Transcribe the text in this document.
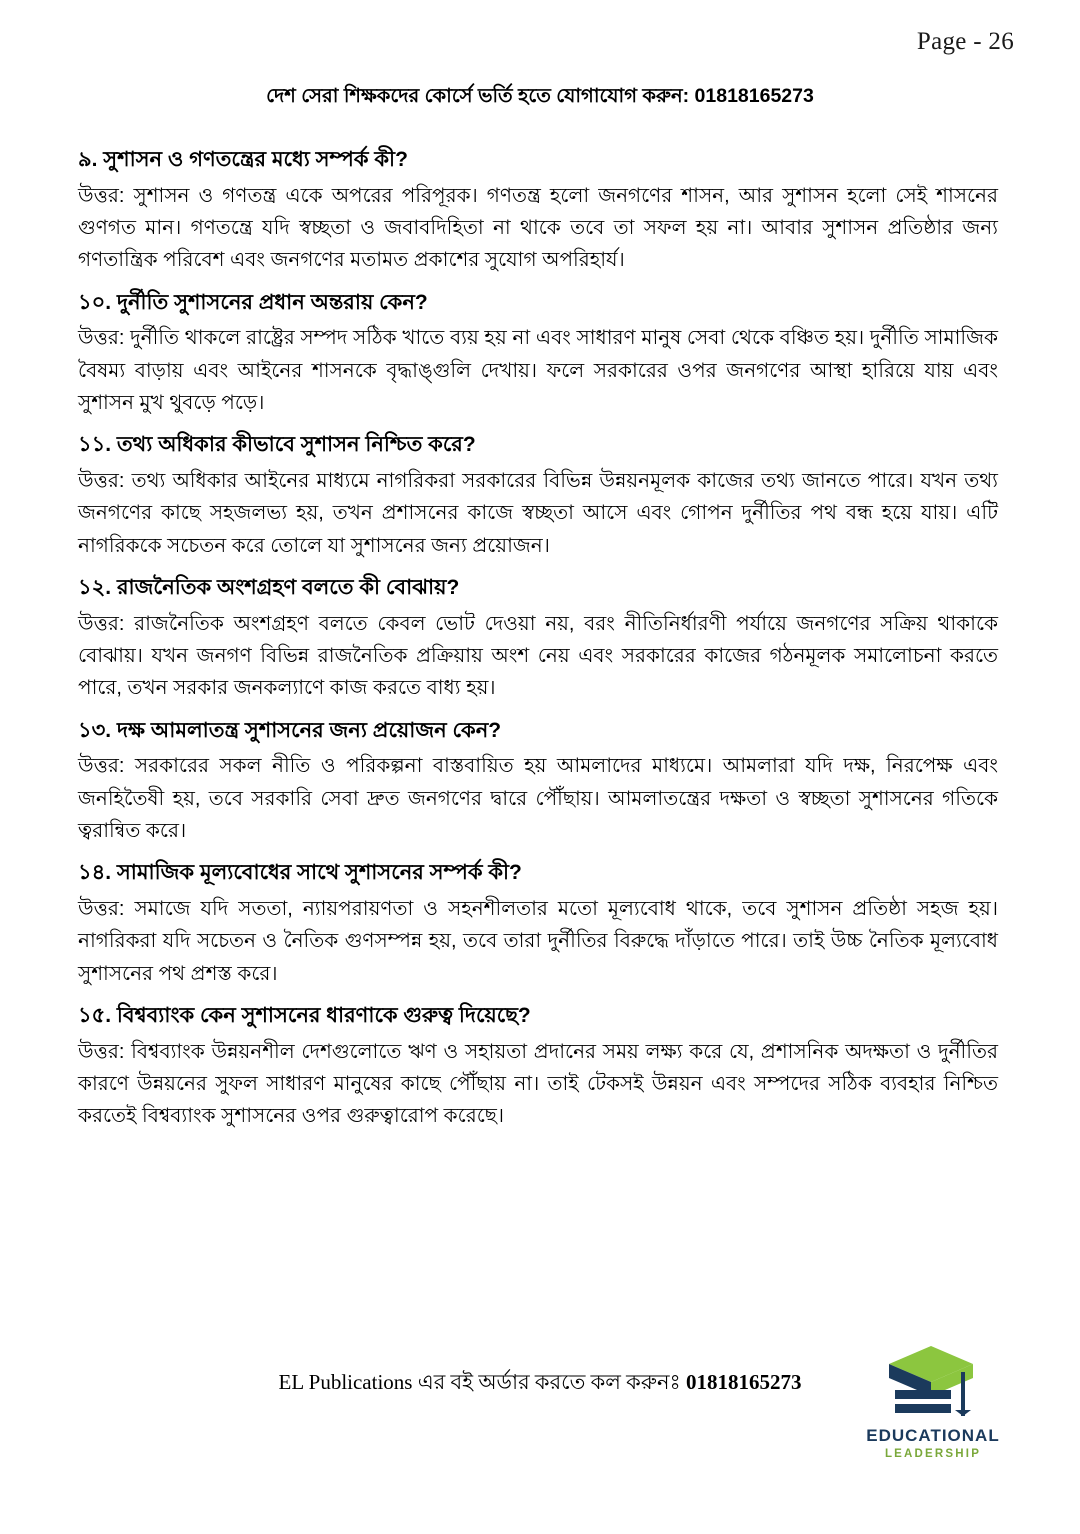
Page - 26
দেশ সেরা শিক্ষকদের কোর্সে ভর্তি হতে যোগাযোগ করুন: 01818165273
৯. সুশাসন ও গণতন্ত্রের মধ্যে সম্পর্ক কী?
উত্তর: সুশাসন ও গণতন্ত্র একে অপরের পরিপূরক। গণতন্ত্র হলো জনগণের শাসন, আর সুশাসন হলো সেই শাসনের গুণগত মান। গণতন্ত্রে যদি স্বচ্ছতা ও জবাবদিহিতা না থাকে তবে তা সফল হয় না। আবার সুশাসন প্রতিষ্ঠার জন্য গণতান্ত্রিক পরিবেশ এবং জনগণের মতামত প্রকাশের সুযোগ অপরিহার্য।
১০. দুর্নীতি সুশাসনের প্রধান অন্তরায় কেন?
উত্তর: দুর্নীতি থাকলে রাষ্ট্রের সম্পদ সঠিক খাতে ব্যয় হয় না এবং সাধারণ মানুষ সেবা থেকে বঞ্চিত হয়। দুর্নীতি সামাজিক বৈষম্য বাড়ায় এবং আইনের শাসনকে বৃদ্ধাঙ্গুলি দেখায়। ফলে সরকারের ওপর জনগণের আস্থা হারিয়ে যায় এবং সুশাসন মুখ থুবড়ে পড়ে।
১১. তথ্য অধিকার কীভাবে সুশাসন নিশ্চিত করে?
উত্তর: তথ্য অধিকার আইনের মাধ্যমে নাগরিকরা সরকারের বিভিন্ন উন্নয়নমূলক কাজের তথ্য জানতে পারে। যখন তথ্য জনগণের কাছে সহজলভ্য হয়, তখন প্রশাসনের কাজে স্বচ্ছতা আসে এবং গোপন দুর্নীতির পথ বন্ধ হয়ে যায়। এটি নাগরিককে সচেতন করে তোলে যা সুশাসনের জন্য প্রয়োজন।
১২. রাজনৈতিক অংশগ্রহণ বলতে কী বোঝায়?
উত্তর: রাজনৈতিক অংশগ্রহণ বলতে কেবল ভোট দেওয়া নয়, বরং নীতিনির্ধারণী পর্যায়ে জনগণের সক্রিয় থাকাকে বোঝায়। যখন জনগণ বিভিন্ন রাজনৈতিক প্রক্রিয়ায় অংশ নেয় এবং সরকারের কাজের গঠনমূলক সমালোচনা করতে পারে, তখন সরকার জনকল্যাণে কাজ করতে বাধ্য হয়।
১৩. দক্ষ আমলাতন্ত্র সুশাসনের জন্য প্রয়োজন কেন?
উত্তর: সরকারের সকল নীতি ও পরিকল্পনা বাস্তবায়িত হয় আমলাদের মাধ্যমে। আমলারা যদি দক্ষ, নিরপেক্ষ এবং জনহিতৈষী হয়, তবে সরকারি সেবা দ্রুত জনগণের দ্বারে পৌঁছায়। আমলাতন্ত্রের দক্ষতা ও স্বচ্ছতা সুশাসনের গতিকে ত্বরান্বিত করে।
১৪. সামাজিক মূল্যবোধের সাথে সুশাসনের সম্পর্ক কী?
উত্তর: সমাজে যদি সততা, ন্যায়পরায়ণতা ও সহনশীলতার মতো মূল্যবোধ থাকে, তবে সুশাসন প্রতিষ্ঠা সহজ হয়। নাগরিকরা যদি সচেতন ও নৈতিক গুণসম্পন্ন হয়, তবে তারা দুর্নীতির বিরুদ্ধে দাঁড়াতে পারে। তাই উচ্চ নৈতিক মূল্যবোধ সুশাসনের পথ প্রশস্ত করে।
১৫. বিশ্বব্যাংক কেন সুশাসনের ধারণাকে গুরুত্ব দিয়েছে?
উত্তর: বিশ্বব্যাংক উন্নয়নশীল দেশগুলোতে ঋণ ও সহায়তা প্রদানের সময় লক্ষ্য করে যে, প্রশাসনিক অদক্ষতা ও দুর্নীতির কারণে উন্নয়নের সুফল সাধারণ মানুষের কাছে পৌঁছায় না। তাই টেকসই উন্নয়ন এবং সম্পদের সঠিক ব্যবহার নিশ্চিত করতেই বিশ্বব্যাংক সুশাসনের ওপর গুরুত্বারোপ করেছে।
EL Publications এর বই অর্ডার করতে কল করুনঃ 01818165273
EDUCATIONAL
LEADERSHIP
